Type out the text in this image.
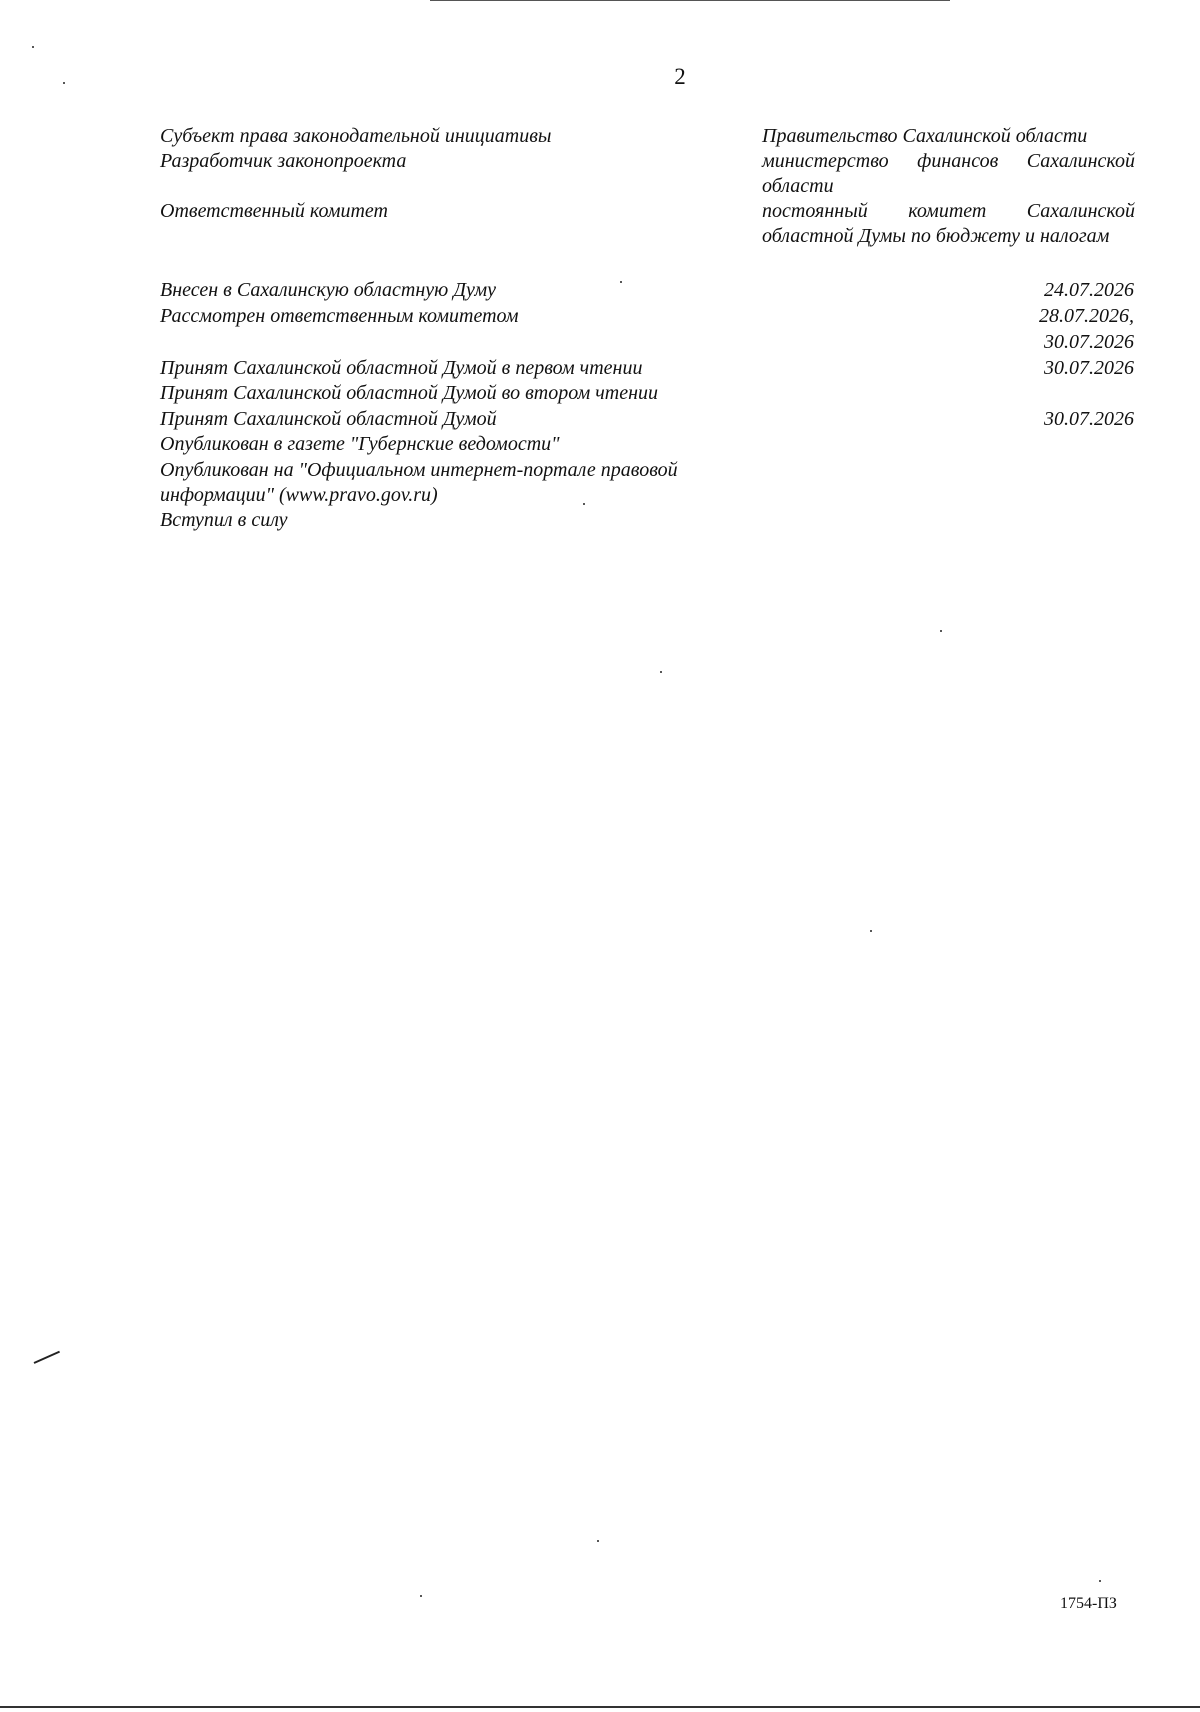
2
Субъект права законодательной инициативы
Разработчик законопроекта
Ответственный комитет
Внесен в Сахалинскую областную Думу
Рассмотрен ответственным комитетом
Принят Сахалинской областной Думой в первом чтении
Принят Сахалинской областной Думой во втором чтении
Принят Сахалинской областной Думой
Опубликован в газете "Губернские ведомости"
Опубликован на "Официальном интернет-портале правовой
информации" (www.pravo.gov.ru)
Вступил в силу
Правительство Сахалинской области
министерство финансов Сахалинской области
постоянный комитет Сахалинской областной Думы по бюджету и налогам
24.07.2026
28.07.2026,
30.07.2026
30.07.2026
30.07.2026
1754-ПЗ
